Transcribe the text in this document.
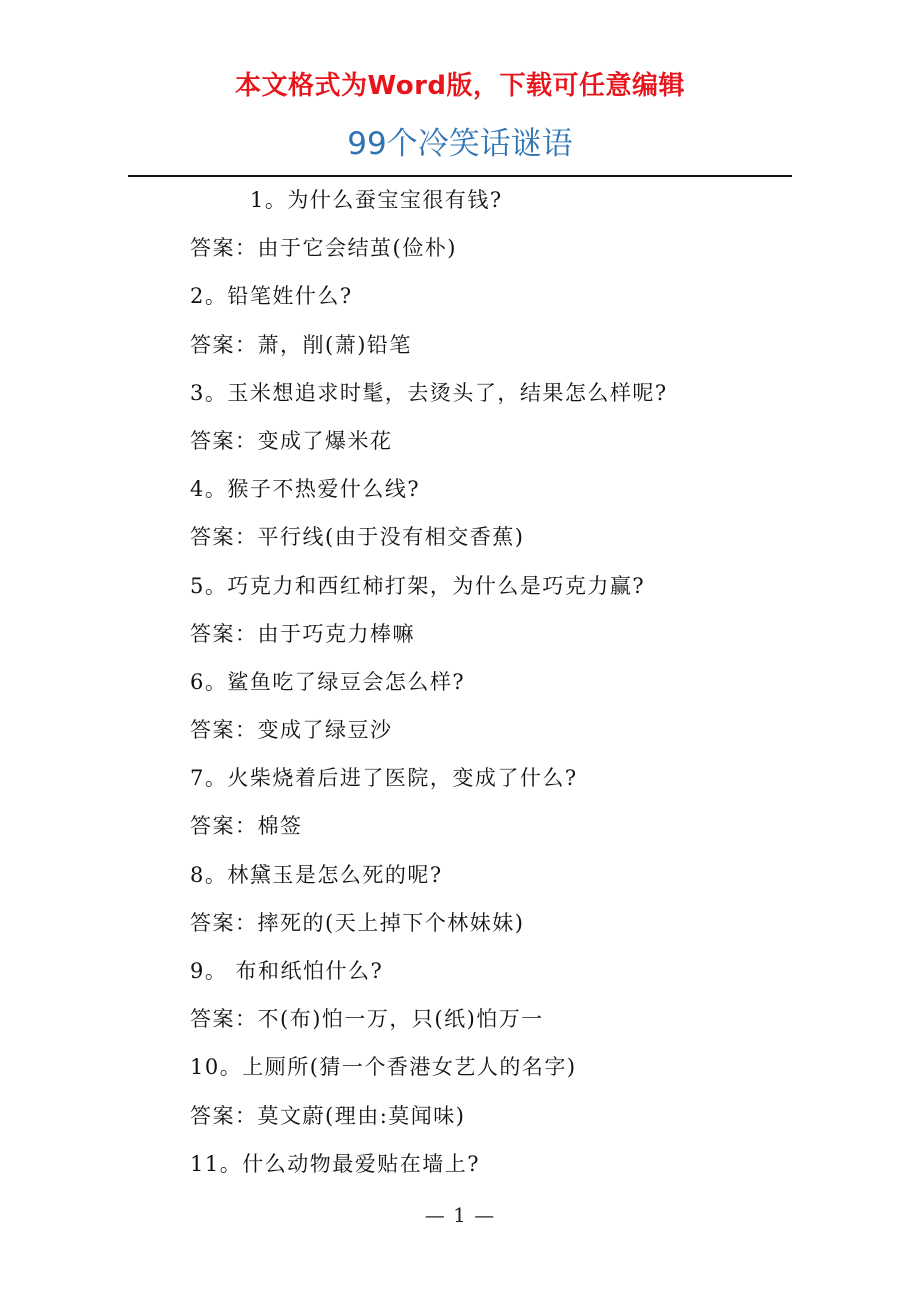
本文格式为Word版，下载可任意编辑
99个冷笑话谜语
1。为什么蚕宝宝很有钱?
答案：由于它会结茧(俭朴)
2。铅笔姓什么?
答案：萧，削(萧)铅笔
3。玉米想追求时髦，去烫头了，结果怎么样呢?
答案：变成了爆米花
4。猴子不热爱什么线?
答案：平行线(由于没有相交香蕉)
5。巧克力和西红柿打架，为什么是巧克力赢?
答案：由于巧克力棒嘛
6。鲨鱼吃了绿豆会怎么样?
答案：变成了绿豆沙
7。火柴烧着后进了医院，变成了什么?
答案：棉签
8。林黛玉是怎么死的呢?
答案：摔死的(天上掉下个林妹妹)
9。 布和纸怕什么?
答案：不(布)怕一万，只(纸)怕万一
10。上厕所(猜一个香港女艺人的名字)
答案：莫文蔚(理由:莫闻味)
11。什么动物最爱贴在墙上?
— 1 —
